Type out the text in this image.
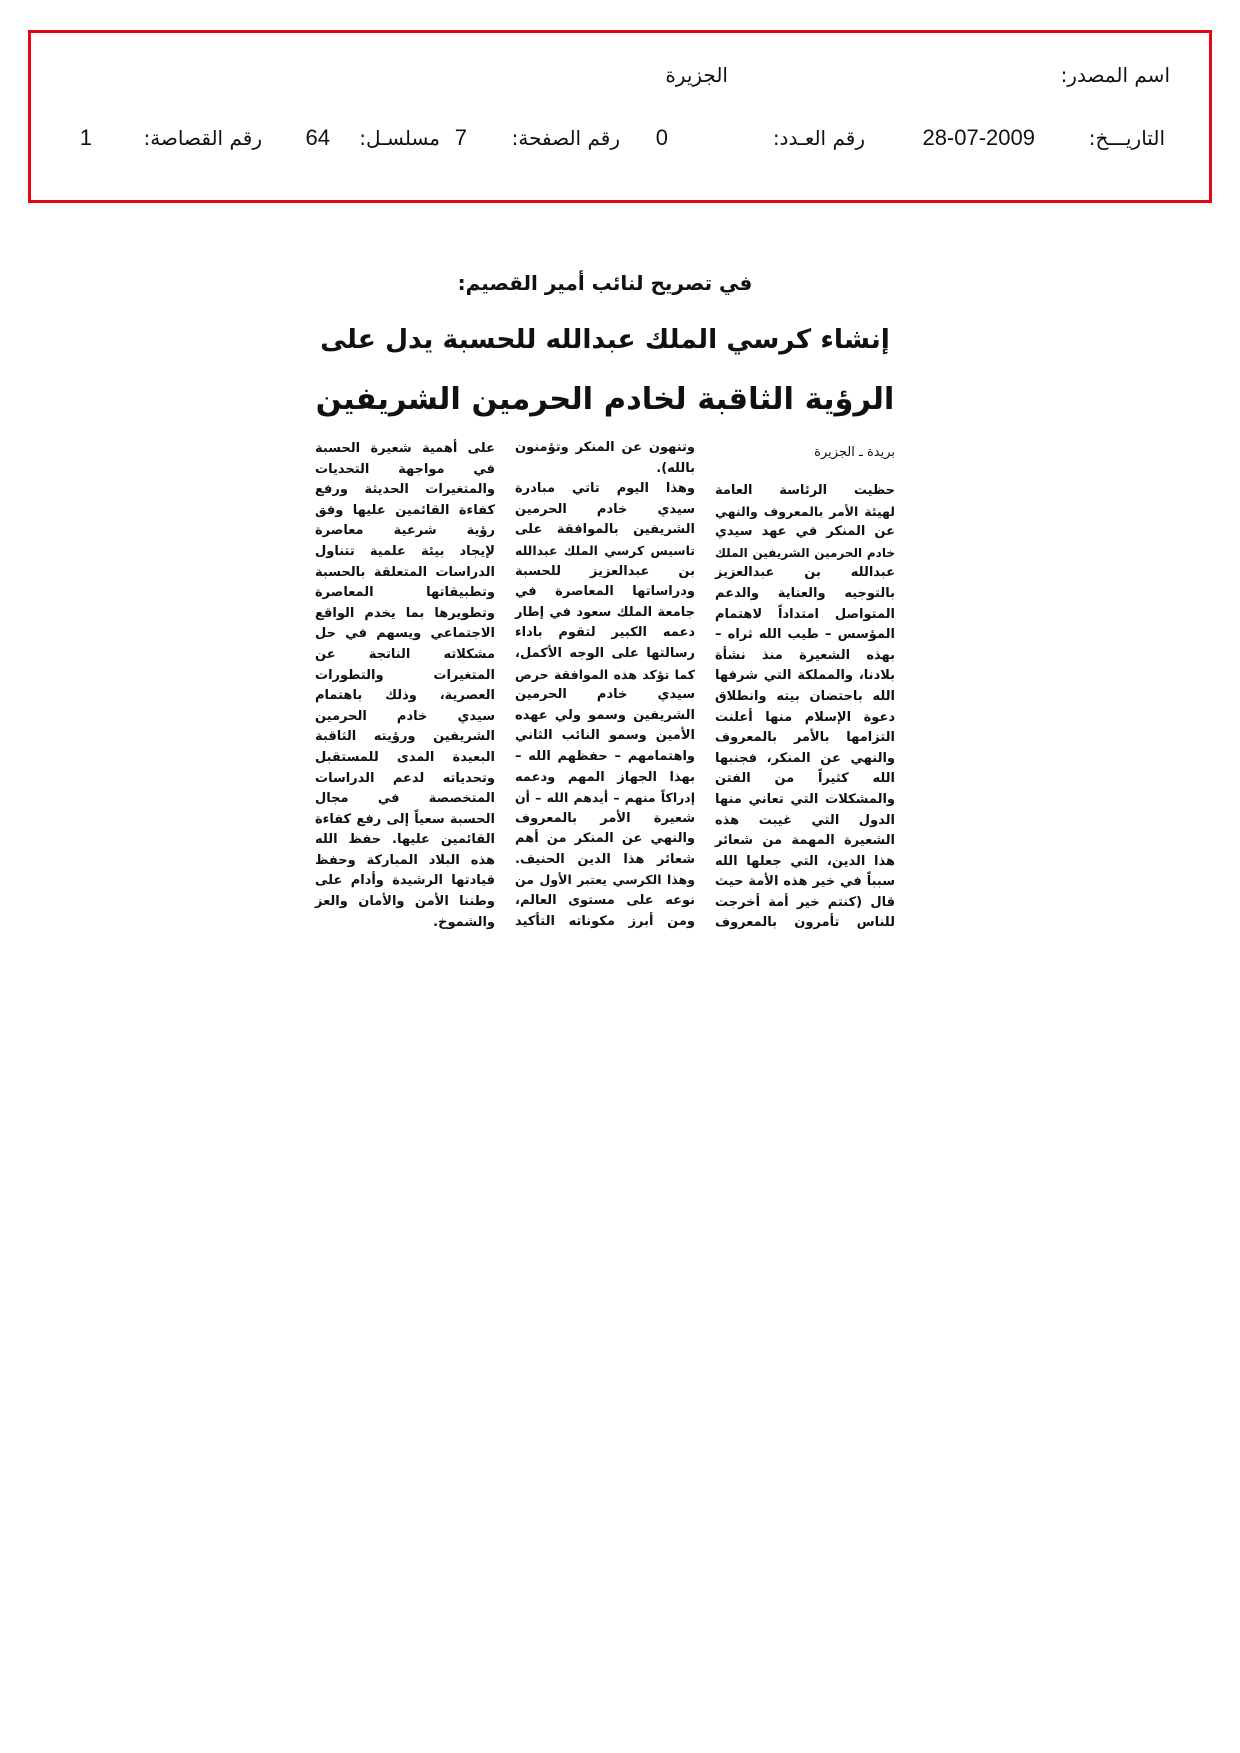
اسم المصدر:
الجزيرة
التاريـــخ:
28-07-2009
رقم العـدد:
0
رقم الصفحة:
7
مسلسـل:
64
رقم القصاصة:
1
في تصريح لنائب أمير القصيم:
إنشاء كرسي الملك عبدالله للحسبة يدل على
الرؤية الثاقبة لخادم الحرمين الشريفين
بريدة ـ الجزيرة
حظيت الرئاسة العامة
لهيئة الأمر بالمعروف والنهي
عن المنكر في عهد سيدي
خادم الحرمين الشريفين الملك
عبدالله بن عبدالعزيز
بالتوجيه والعناية والدعم
المتواصل امتداداً لاهتمام
المؤسس – طيب الله ثراه –
بهذه الشعيرة منذ نشأة
بلادنا، والمملكة التي شرفها
الله باحتضان بيته وانطلاق
دعوة الإسلام منها أعلنت
التزامها بالأمر بالمعروف
والنهي عن المنكر، فجنبها
الله كثيراً من الفتن
والمشكلات التي تعاني منها
الدول التي غيبت هذه
الشعيرة المهمة من شعائر
هذا الدين، التي جعلها الله
سبباً في خير هذه الأمة حيث
قال (كنتم خير أمة أخرجت
للناس تأمرون بالمعروف
وتنهون عن المنكر وتؤمنون
بالله).
وهذا اليوم تاتي مبادرة
سيدي خادم الحرمين
الشريفين بالموافقة على
تاسيس كرسي الملك عبدالله
بن عبدالعزيز للحسبة
ودراساتها المعاصرة في
جامعة الملك سعود في إطار
دعمه الكبير لتقوم باداء
رسالتها على الوجه الأكمل،
كما تؤكد هذه الموافقة حرص
سيدي خادم الحرمين
الشريفين وسمو ولي عهده
الأمين وسمو النائب الثاني
واهتمامهم – حفظهم الله –
بهذا الجهاز المهم ودعمه
إدراكاً منهم – أيدهم الله – أن
شعيرة الأمر بالمعروف
والنهي عن المنكر من أهم
شعائر هذا الدين الحنيف.
وهذا الكرسي يعتبر الأول من
نوعه على مستوى العالم،
ومن أبرز مكوناته التأكيد
على أهمية شعيرة الحسبة
في مواجهة التحديات
والمتغيرات الحديثة ورفع
كفاءة القائمين عليها وفق
رؤية شرعية معاصرة
لإيجاد بيئة علمية تتناول
الدراسات المتعلقة بالحسبة
وتطبيقاتها المعاصرة
وتطويرها بما يخدم الواقع
الاجتماعي ويسهم في حل
مشكلاته الناتجة عن
المتغيرات والتطورات
العصرية، وذلك باهتمام
سيدي خادم الحرمين
الشريفين ورؤيته الثاقبة
البعيدة المدى للمستقبل
وتحدياته لدعم الدراسات
المتخصصة في مجال
الحسبة سعياً إلى رفع كفاءة
القائمين عليها. حفظ الله
هذه البلاد المباركة وحفظ
قيادتها الرشيدة وأدام على
وطننا الأمن والأمان والعز
والشموخ.
